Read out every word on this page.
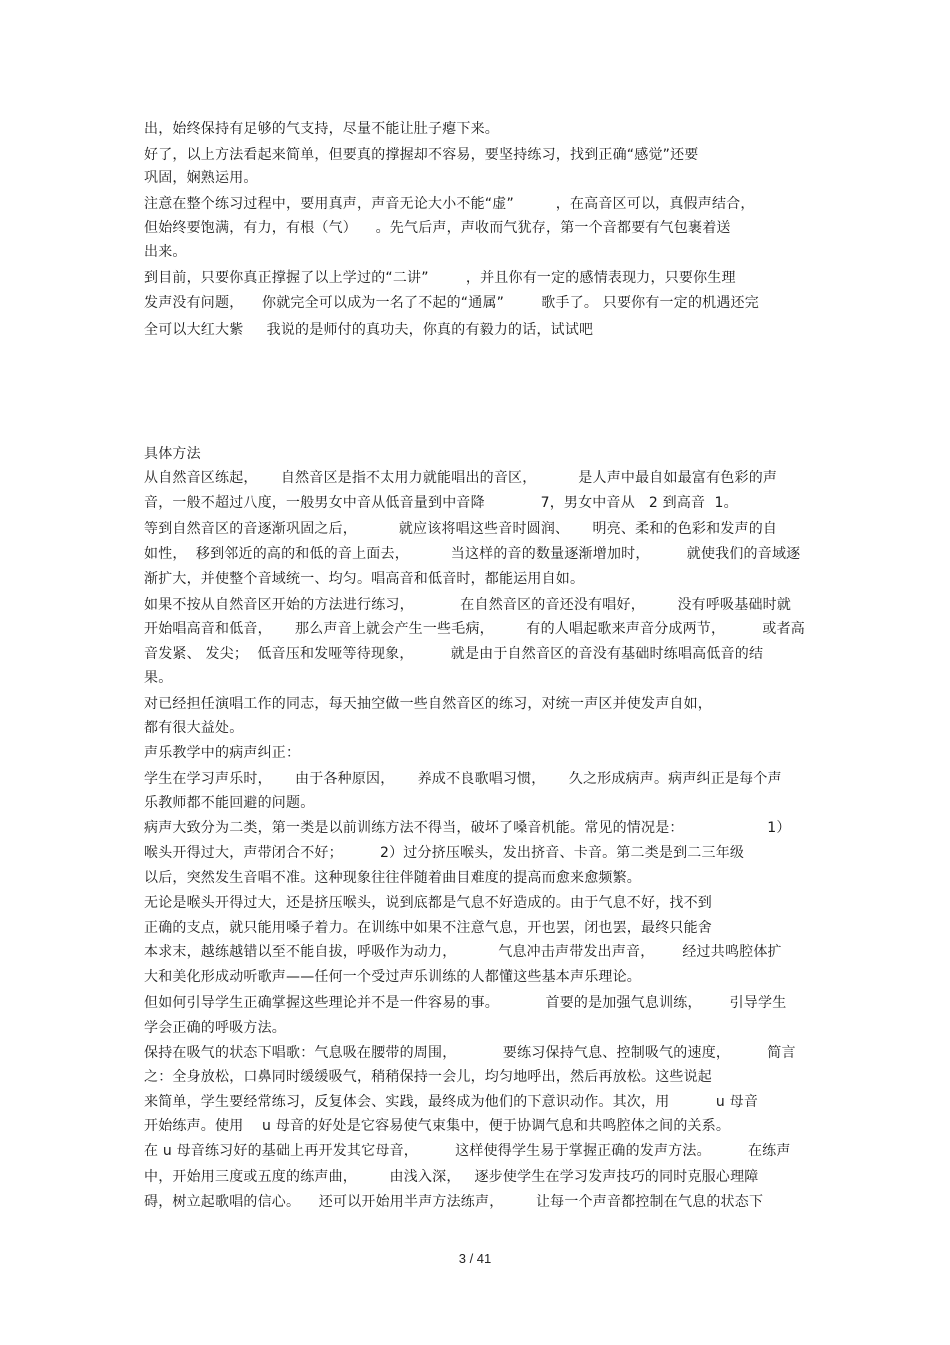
出，始终保持有足够的气支持，尽量不能让肚子瘪下来。
好了，以上方法看起来简单，但要真的撑握却不容易，要坚持练习，找到正确“感觉”还要
巩固，娴熟运用。
注意在整个练习过程中，要用真声，声音无论大小不能“虚”         ，在高音区可以，真假声结合，
但始终要饱满，有力，有根（气）    。先气后声，声收而气犹存，第一个音都要有气包裹着送
出来。
到目前，只要你真正撑握了以上学过的“二讲”        ，并且你有一定的感情表现力，只要你生理
发声没有问题，    你就完全可以成为一名了不起的“通属”        歌手了。 只要你有一定的机遇还完
全可以大红大紫     我说的是师付的真功夫，你真的有毅力的话，试试吧
具体方法
从自然音区练起，     自然音区是指不太用力就能唱出的音区，         是人声中最自如最富有色彩的声
音，一般不超过八度，一般男女中音从低音量到中音降            7，男女中音从   2 到高音  1。
等到自然音区的音逐渐巩固之后，         就应该将唱这些音时圆润、     明亮、柔和的色彩和发声的自
如性，  移到邻近的高的和低的音上面去，         当这样的音的数量逐渐增加时，        就使我们的音域逐
渐扩大，并使整个音域统一、均匀。唱高音和低音时，都能运用自如。
如果不按从自然音区开始的方法进行练习，          在自然音区的音还没有唱好，       没有呼吸基础时就
开始唱高音和低音，     那么声音上就会产生一些毛病，       有的人唱起歌来声音分成两节，        或者高
音发紧、 发尖；  低音压和发哑等待现象，        就是由于自然音区的音没有基础时练唱高低音的结
果。
对已经担任演唱工作的同志，每天抽空做一些自然音区的练习，对统一声区并使发声自如，
都有很大益处。
声乐教学中的病声纠正：
学生在学习声乐时，     由于各种原因，     养成不良歌唱习惯，     久之形成病声。病声纠正是每个声
乐教师都不能回避的问题。
病声大致分为二类，第一类是以前训练方法不得当，破坏了嗓音机能。常见的情况是：                  1）
喉头开得过大，声带闭合不好；        2）过分挤压喉头，发出挤音、卡音。第二类是到二三年级
以后，突然发生音唱不准。这种现象往往伴随着曲目难度的提高而愈来愈频繁。
无论是喉头开得过大，还是挤压喉头，说到底都是气息不好造成的。由于气息不好，找不到
正确的支点，就只能用嗓子着力。在训练中如果不注意气息，开也罢，闭也罢，最终只能舍
本求末，越练越错以至不能自拔，呼吸作为动力，         气息冲击声带发出声音，      经过共鸣腔体扩
大和美化形成动听歌声——任何一个受过声乐训练的人都懂这些基本声乐理论。
但如何引导学生正确掌握这些理论并不是一件容易的事。          首要的是加强气息训练，      引导学生
学会正确的呼吸方法。
保持在吸气的状态下唱歌：气息吸在腰带的周围，          要练习保持气息、控制吸气的速度，        简言
之：全身放松，口鼻同时缓缓吸气，稍稍保持一会儿，均匀地呼出，然后再放松。这些说起
来简单，学生要经常练习，反复体会、实践，最终成为他们的下意识动作。其次，用          u 母音
开始练声。使用    u 母音的好处是它容易使气束集中，便于协调气息和共鸣腔体之间的关系。
在 u 母音练习好的基础上再开发其它母音，        这样使得学生易于掌握正确的发声方法。        在练声
中，开始用三度或五度的练声曲，       由浅入深，   逐步使学生在学习发声技巧的同时克服心理障
碍，树立起歌唱的信心。    还可以开始用半声方法练声，       让每一个声音都控制在气息的状态下
3 / 41
